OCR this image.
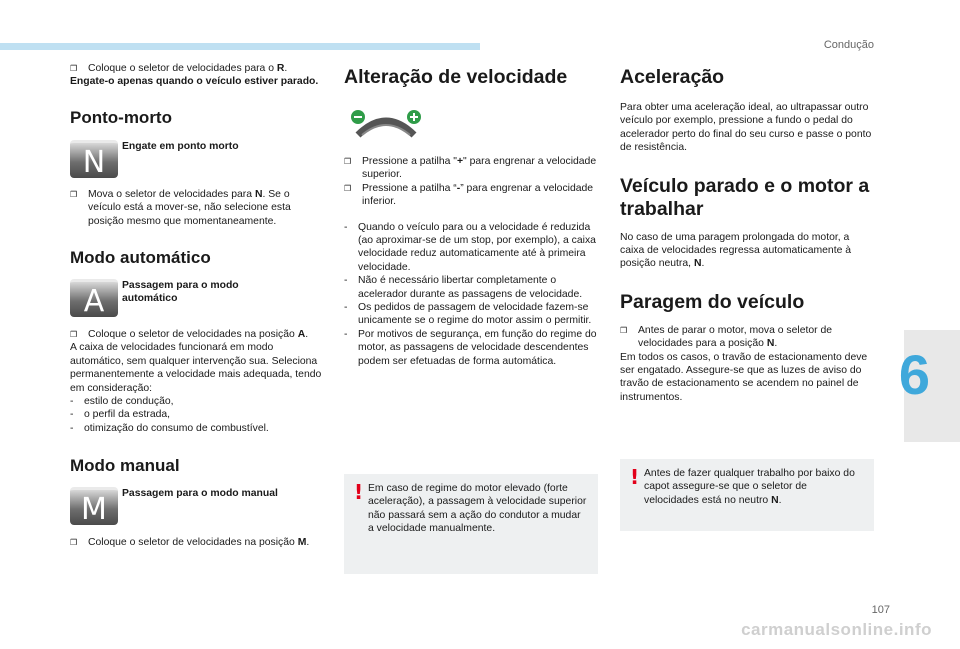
Condução
❒	Coloque o seletor de velocidades para o R.

Engate-o apenas quando o veículo estiver parado.

Ponto-morto
N	Engate em ponto morto
❒	Mova o seletor de velocidades para N. Se o veículo está a mover-se, não selecione esta posição mesmo que momentaneamente.
Modo automático
A	Passagem para o modo automático
❒	Coloque o seletor de velocidades na posição A.

A caixa de velocidades funcionará em modo automático, sem qualquer intervenção sua. Seleciona permanentemente a velocidade mais adequada, tendo em consideração:

- estilo de condução,
- o perfil da estrada,
- otimização do consumo de combustível.
Modo manual
M	Passagem para o modo manual
❒	Coloque o seletor de velocidades na posição M.
Alteração de velocidade
❒	Pressione a patilha "+" para engrenar a velocidade superior.
❒	Pressione a patilha “-” para engrenar a velocidade inferior.
- Quando o veículo para ou a velocidade é reduzida (ao aproximar-se de um stop, por exemplo), a caixa velocidade reduz automaticamente até à primeira velocidade.
- Não é necessário libertar completamente o acelerador durante as passagens de velocidade.
- Os pedidos de passagem de velocidade fazem-se unicamente se o regime do motor assim o permitir.
- Por motivos de segurança, em função do regime do motor, as passagens de velocidade descendentes podem ser efetuadas de forma automática.
! Em caso de regime do motor elevado (forte aceleração), a passagem à velocidade superior não passará sem a ação do condutor a mudar a velocidade manualmente.
Aceleração

Para obter uma aceleração ideal, ao ultrapassar outro veículo por exemplo, pressione a fundo o pedal do acelerador perto do final do seu curso e passe o ponto de resistência.

Veículo parado e o motor a trabalhar

No caso de uma paragem prolongada do motor, a caixa de velocidades regressa automaticamente à posição neutra, N.

Paragem do veículo
❒	Antes de parar o motor, mova o seletor de velocidades para a posição N.

Em todos os casos, o travão de estacionamento deve ser engatado. Assegure-se que as luzes de aviso do travão de estacionamento se acendem no painel de instrumentos.

! Antes de fazer qualquer trabalho por baixo do capot assegure-se que o seletor de velocidades está no neutro N.
6
107
carmanualsonline.info
